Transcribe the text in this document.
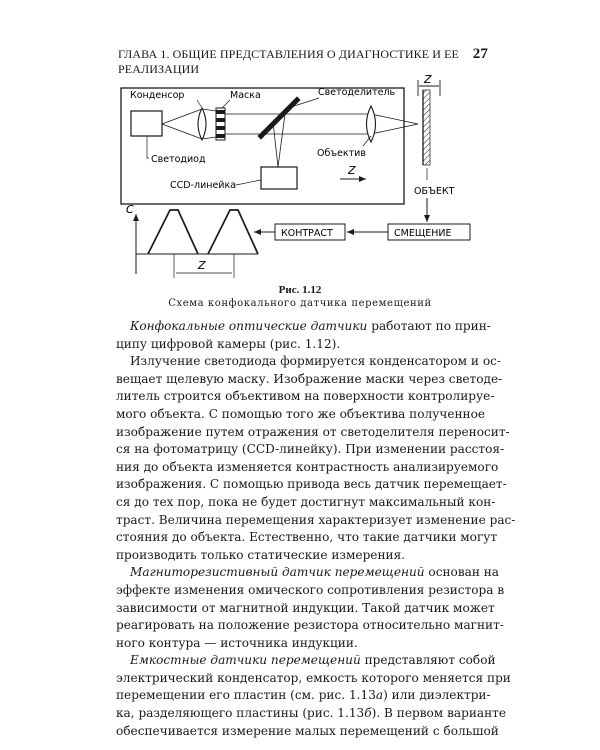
ГЛАВА 1. ОБЩИЕ ПРЕДСТАВЛЕНИЯ О ДИАГНОСТИКЕ И ЕЕ РЕАЛИЗАЦИИ
27
Z
Z
Конденсор	Маска	Светоделитель
Светодиод
Объектив
CCD-линейка
ОБЪЕКТ
C
Z
КОНТРАСТ	СМЕЩЕНИЕ
Рис. 1.12
Схема конфокального датчика перемещений
Конфокальные оптические датчики работают по прин-
ципу цифровой камеры (рис. 1.12).
Излучение светодиода формируется конденсатором и ос-
вещает щелевую маску. Изображение маски через светоде-
литель строится объективом на поверхности контролируе-
мого объекта. С помощью того же объектива полученное
изображение путем отражения от светоделителя переносит-
ся на фотоматрицу (CCD-линейку). При изменении расстоя-
ния до объекта изменяется контрастность анализируемого
изображения. С помощью привода весь датчик перемещает-
ся до тех пор, пока не будет достигнут максимальный кон-
траст. Величина перемещения характеризует изменение рас-
стояния до объекта. Естественно, что такие датчики могут
производить только статические измерения.
Магниторезистивный датчик перемещений основан на
эффекте изменения омического сопротивления резистора в
зависимости от магнитной индукции. Такой датчик может
реагировать на положение резистора относительно магнит-
ного контура — источника индукции.
Емкостные датчики перемещений представляют собой
электрический конденсатор, емкость которого меняется при
перемещении его пластин (см. рис. 1.13а) или диэлектри-
ка, разделяющего пластины (рис. 1.13б). В первом варианте
обеспечивается измерение малых перемещений с большой
